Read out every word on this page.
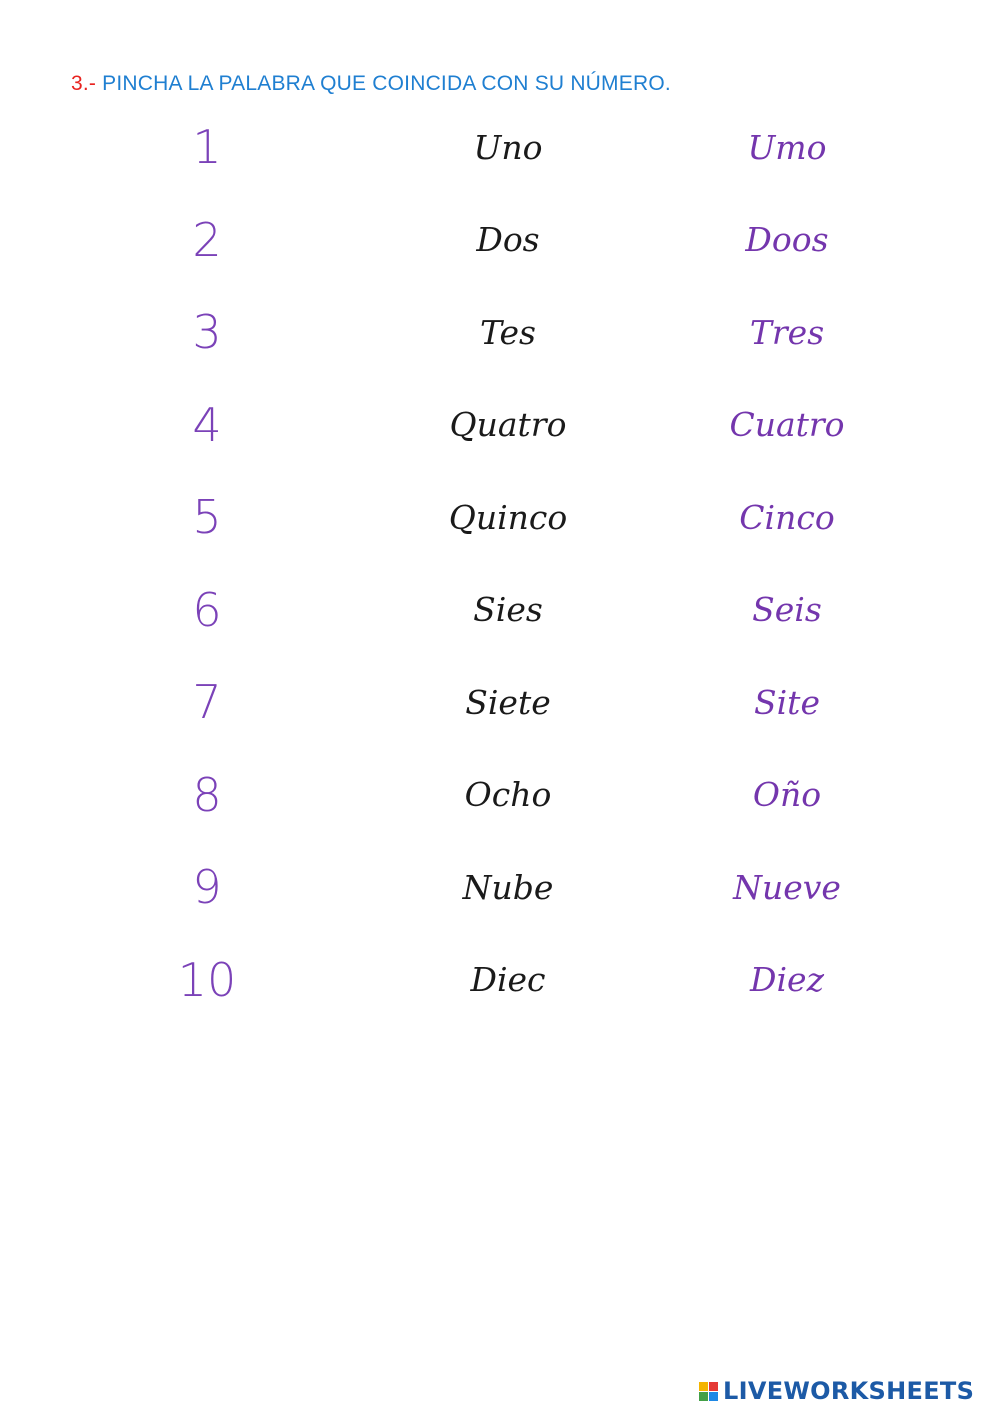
3.- PINCHA LA PALABRA QUE COINCIDA CON SU NÚMERO.
1	Uno	Umo
2	Dos	Doos
3	Tes	Tres
4	Quatro	Cuatro
5	Quinco	Cinco
6	Sies	Seis
7	Siete	Site
8	Ocho	Oño
9	Nube	Nueve
10	Diec	Diez
LIVEWORKSHEETS
